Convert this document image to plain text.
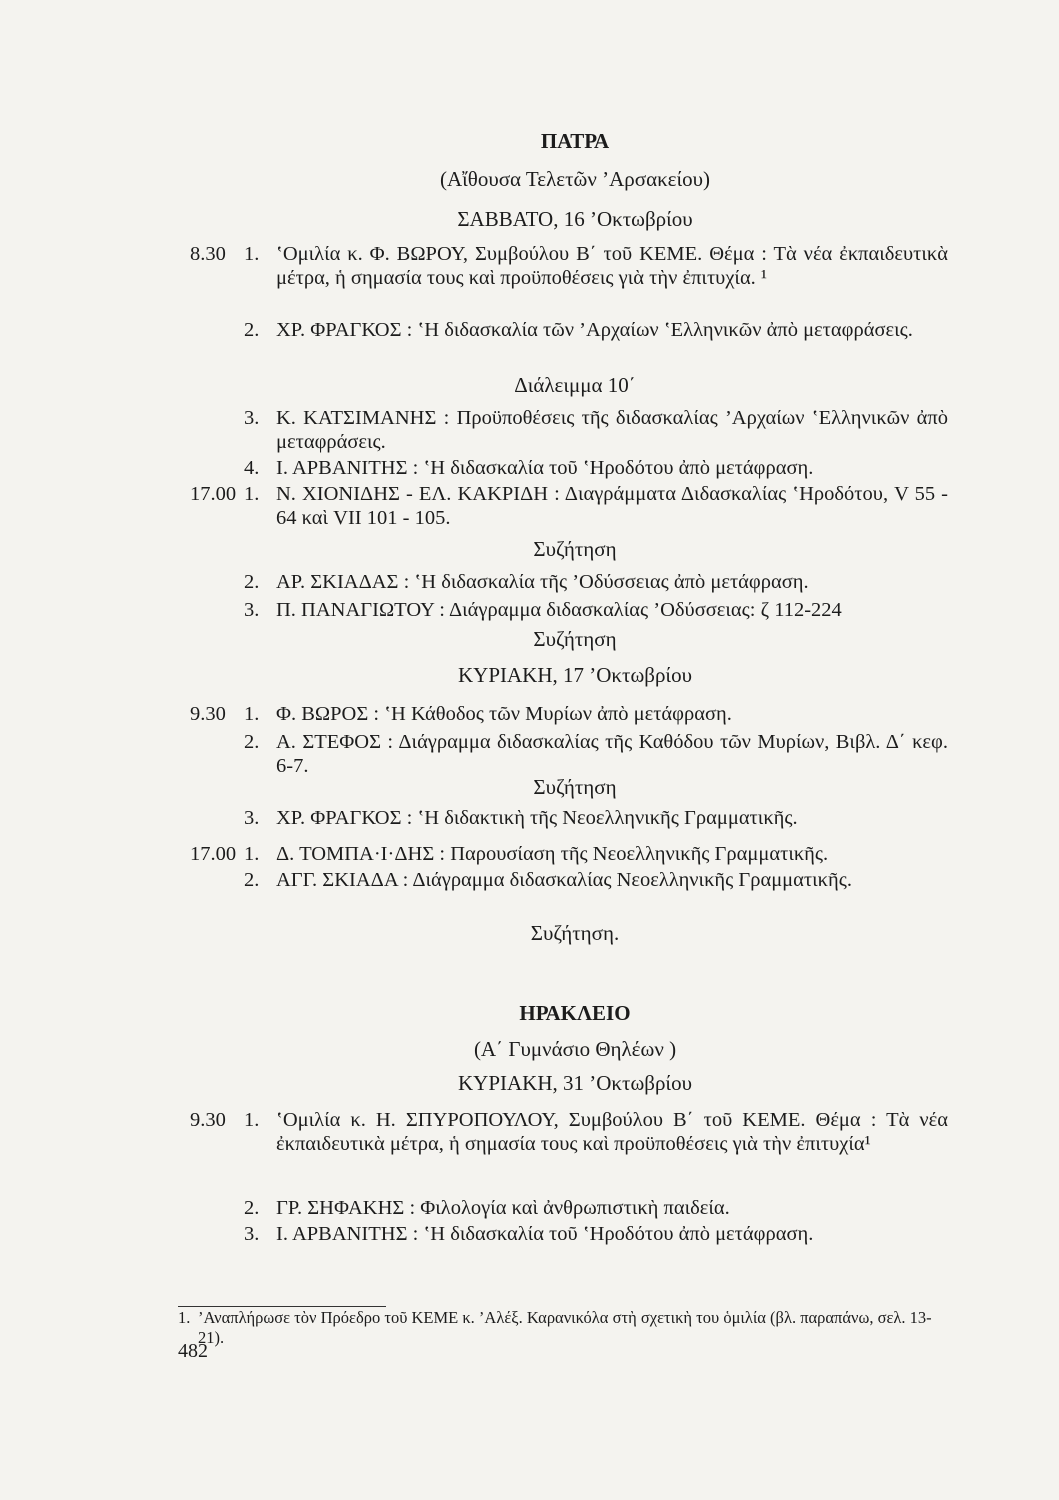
ΠΑΤΡΑ
(Αἴθουσα Τελετῶν ’Αρσακείου)
ΣΑΒΒΑΤΟ, 16 ’Οκτωβρίου
8.30 1. ʽΟμιλία κ. Φ. ΒΩΡΟΥ, Συμβούλου Β΄ τοῦ ΚΕΜΕ. Θέμα : Τὰ νέα ἐκπαιδευτικὰ μέτρα, ἡ σημασία τους καὶ προϋποθέσεις γιὰ τὴν ἐπιτυχία. ¹
2. ΧΡ. ΦΡΑΓΚΟΣ : ʽΗ διδασκαλία τῶν ’Αρχαίων ʽΕλληνικῶν ἀπὸ μεταφράσεις.
Διάλειμμα 10΄
3. Κ. ΚΑΤΣΙΜΑΝΗΣ : Προϋποθέσεις τῆς διδασκαλίας ’Αρχαίων ʽΕλληνικῶν ἀπὸ μεταφράσεις.
4. Ι. ΑΡΒΑΝΙΤΗΣ : ʽΗ διδασκαλία τοῦ ʽΗροδότου ἀπὸ μετάφραση.
17.00 1. Ν. ΧΙΟΝΙΔΗΣ - ΕΛ. ΚΑΚΡΙΔΗ : Διαγράμματα Διδασκαλίας ʽΗροδότου, V 55 - 64 καὶ VII 101 - 105.
Συζήτηση
2. ΑΡ. ΣΚΙΑΔΑΣ : ʽΗ διδασκαλία τῆς ’Οδύσσειας ἀπὸ μετάφραση.
3. Π. ΠΑΝΑΓΙΩΤΟΥ : Διάγραμμα διδασκαλίας ’Οδύσσειας: ζ 112-224
Συζήτηση
ΚΥΡΙΑΚΗ, 17 ’Οκτωβρίου
9.30 1. Φ. ΒΩΡΟΣ : ʽΗ Κάθοδος τῶν Μυρίων ἀπὸ μετάφραση.
2. Α. ΣΤΕΦΟΣ : Διάγραμμα διδασκαλίας τῆς Καθόδου τῶν Μυρίων, Βιβλ. Δ΄ κεφ. 6-7.
Συζήτηση
3. ΧΡ. ΦΡΑΓΚΟΣ : ʽΗ διδακτικὴ τῆς Νεοελληνικῆς Γραμματικῆς.
17.00 1. Δ. ΤΟΜΠΑ·Ι·ΔΗΣ : Παρουσίαση τῆς Νεοελληνικῆς Γραμματικῆς.
2. ΑΓΓ. ΣΚΙΑΔΑ : Διάγραμμα διδασκαλίας Νεοελληνικῆς Γραμματικῆς.
Συζήτηση.
ΗΡΑΚΛΕΙΟ
(Α΄ Γυμνάσιο Θηλέων )
ΚΥΡΙΑΚΗ, 31 ’Οκτωβρίου
9.30 1. ʽΟμιλία κ. Η. ΣΠΥΡΟΠΟΥΛΟΥ, Συμβούλου Β΄ τοῦ ΚΕΜΕ. Θέμα : Τὰ νέα ἐκπαιδευτικὰ μέτρα, ἡ σημασία τους καὶ προϋποθέσεις γιὰ τὴν ἐπιτυχία¹
2. ΓΡ. ΣΗΦΑΚΗΣ : Φιλολογία καὶ ἀνθρωπιστικὴ παιδεία.
3. Ι. ΑΡΒΑΝΙΤΗΣ : ʽΗ διδασκαλία τοῦ ʽΗροδότου ἀπὸ μετάφραση.
1. ’Αναπλήρωσε τὸν Πρόεδρο τοῦ ΚΕΜΕ κ. ’Αλέξ. Καρανικόλα στὴ σχετικὴ του ὁμιλία (βλ. παραπάνω, σελ. 13-21).
482
